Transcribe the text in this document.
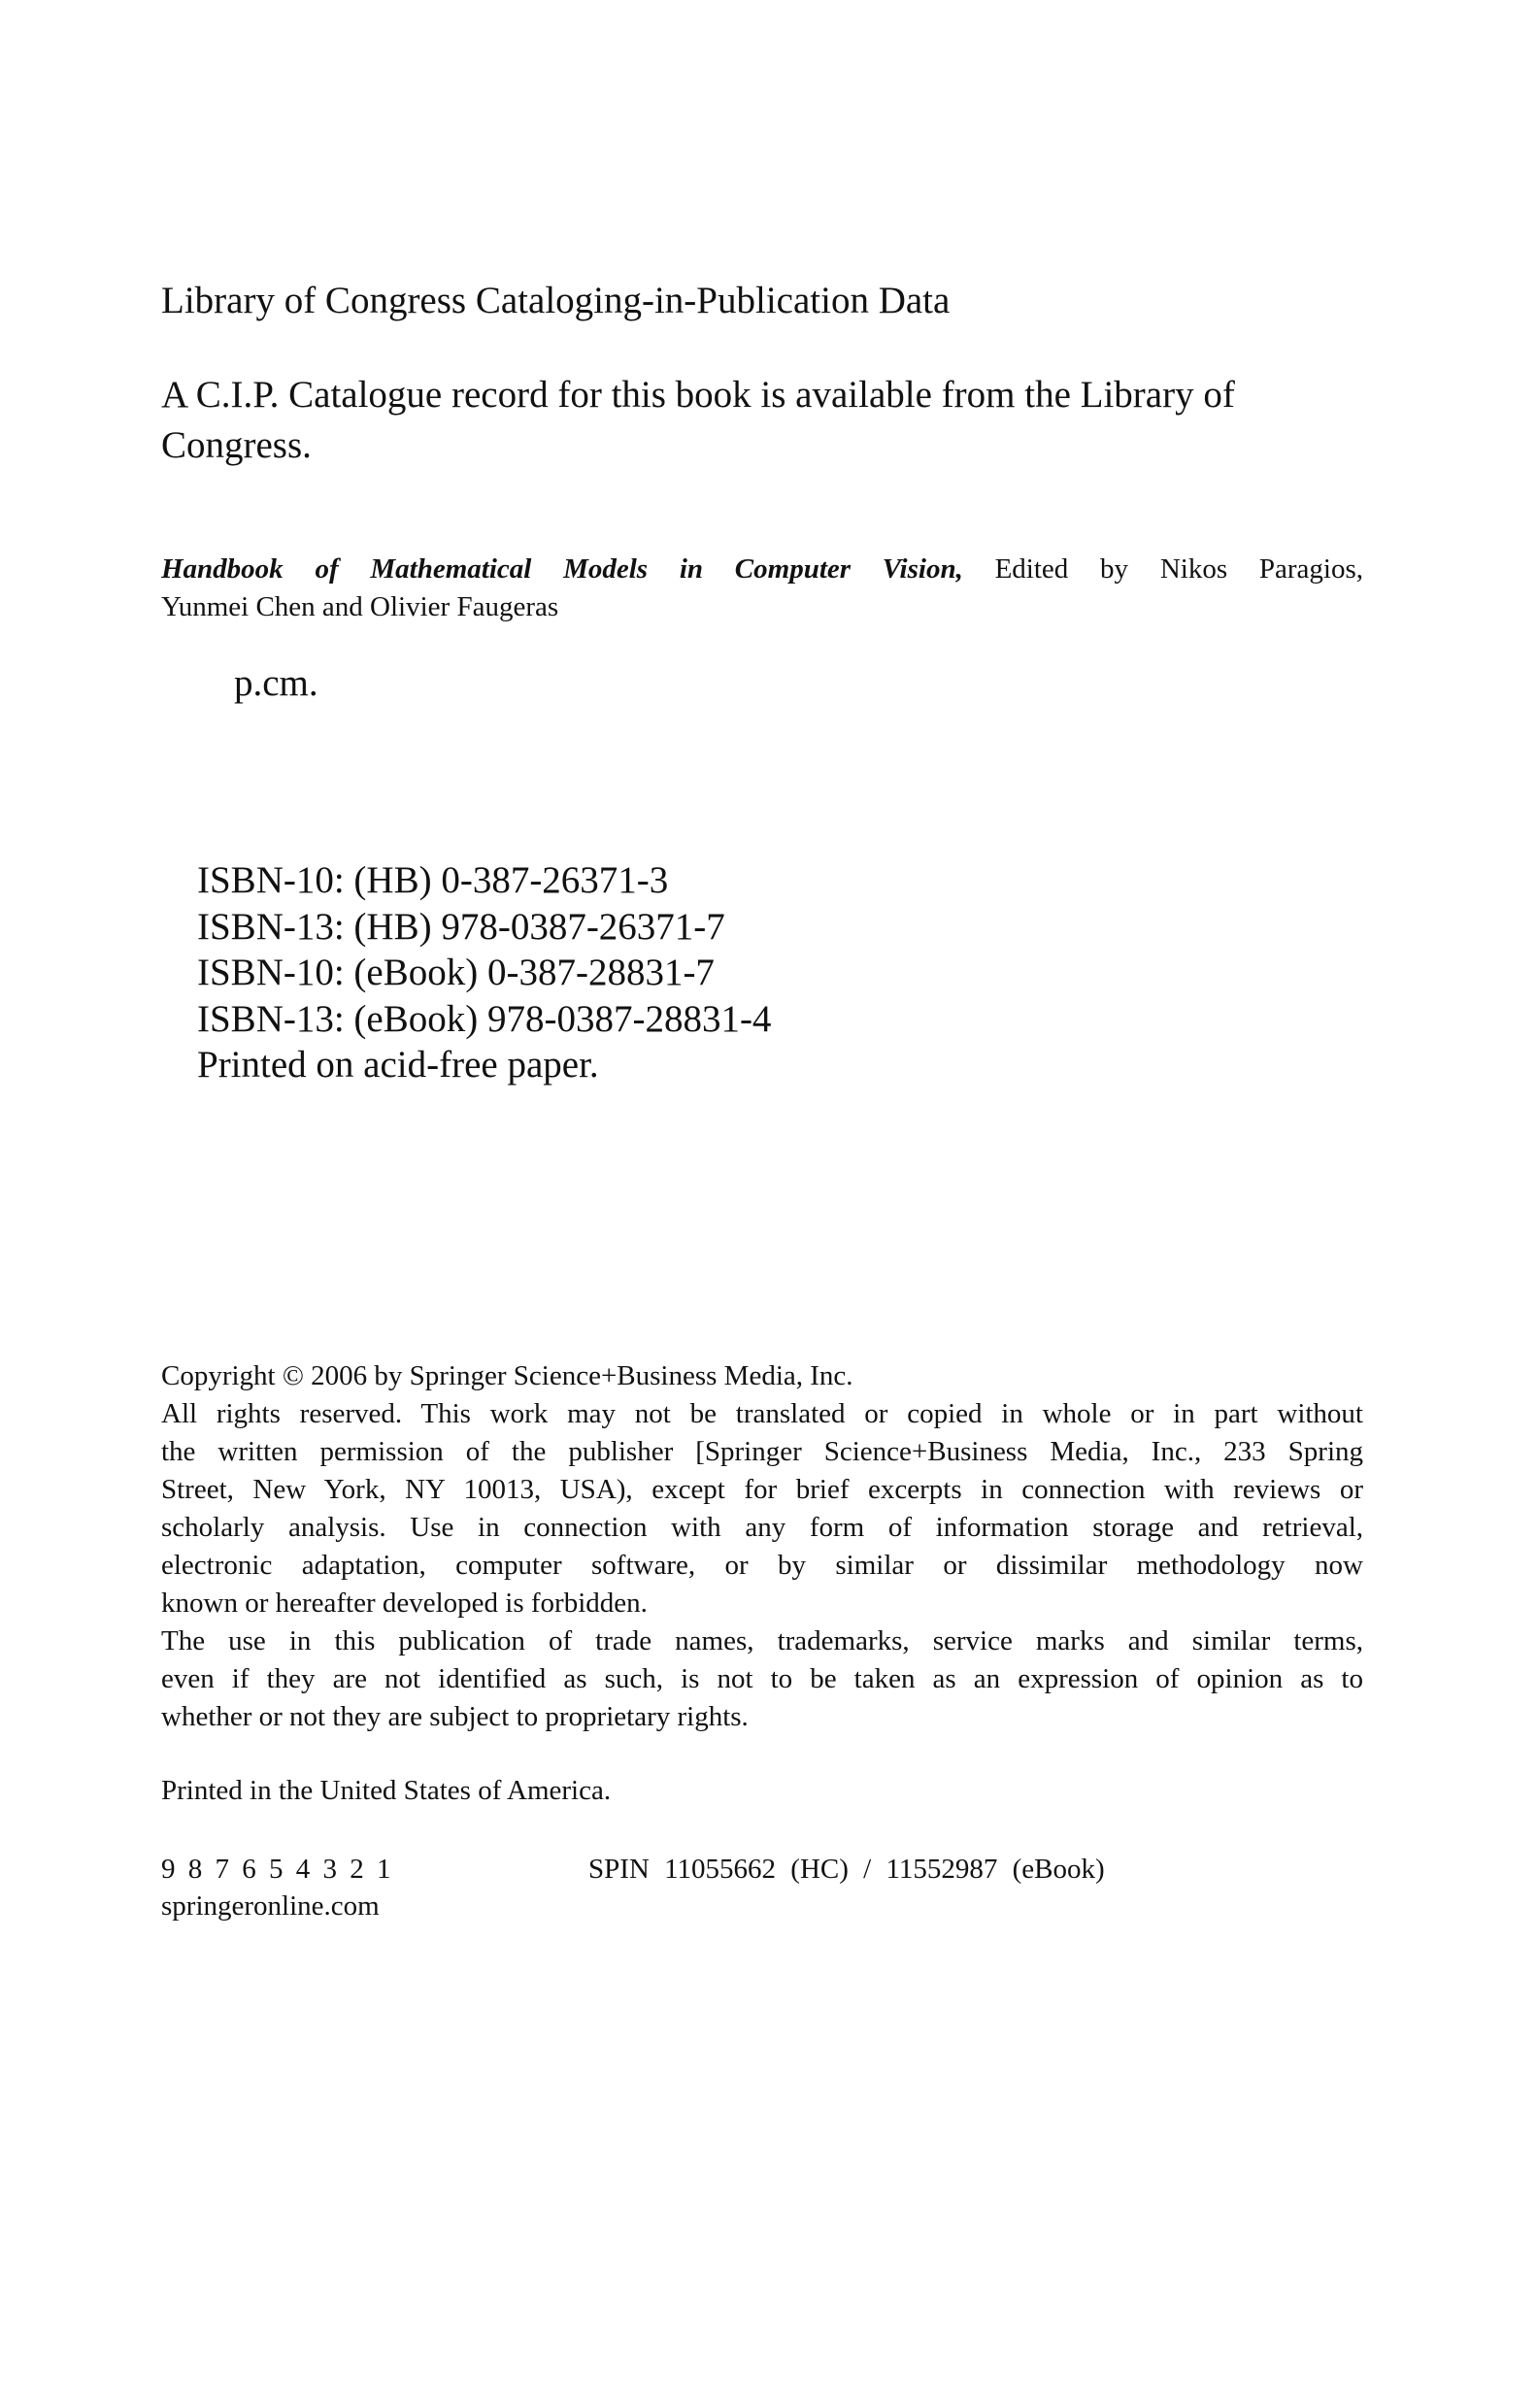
Library of Congress Cataloging-in-Publication Data
A C.I.P. Catalogue record for this book is available from the Library of
Congress.
Handbook of Mathematical Models in Computer Vision, Edited by Nikos Paragios,
Yunmei Chen and Olivier Faugeras
p.cm.
ISBN-10: (HB) 0-387-26371-3
ISBN-13: (HB) 978-0387-26371-7
ISBN-10: (eBook) 0-387-28831-7
ISBN-13: (eBook) 978-0387-28831-4
Printed on acid-free paper.
Copyright © 2006 by Springer Science+Business Media, Inc.
All rights reserved. This work may not be translated or copied in whole or in part without
the written permission of the publisher [Springer Science+Business Media, Inc., 233 Spring
Street, New York, NY 10013, USA), except for brief excerpts in connection with reviews or
scholarly analysis. Use in connection with any form of information storage and retrieval,
electronic adaptation, computer software, or by similar or dissimilar methodology now
known or hereafter developed is forbidden.
The use in this publication of trade names, trademarks, service marks and similar terms,
even if they are not identified as such, is not to be taken as an expression of opinion as to
whether or not they are subject to proprietary rights.
Printed in the United States of America.
9 8 7 6 5 4 3 2 1	SPIN 11055662 (HC) / 11552987 (eBook)
springeronline.com
